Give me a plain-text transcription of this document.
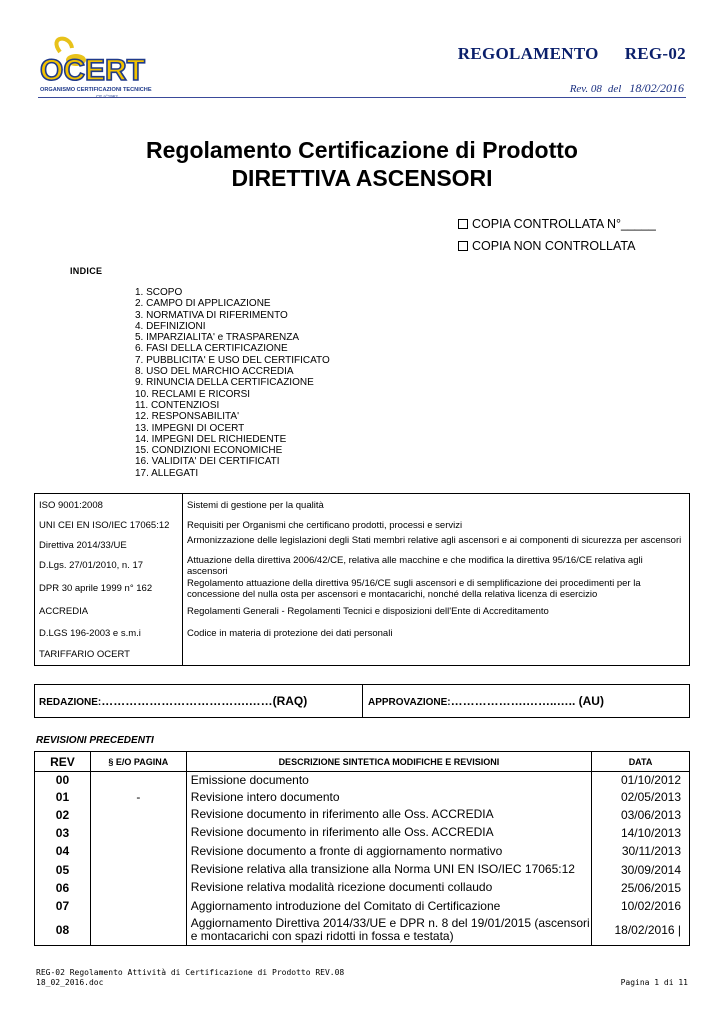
OCERT
ORGANISMO CERTIFICAZIONI TECNICHE
CE n°1962
REGOLAMENTO REG-02
Rev. 08 del 18/02/2016
Regolamento Certificazione di Prodotto
DIRETTIVA ASCENSORI
COPIA CONTROLLATA N°_____
COPIA NON CONTROLLATA
INDICE
1. SCOPO
2. CAMPO DI APPLICAZIONE
3. NORMATIVA DI RIFERIMENTO
4. DEFINIZIONI
5. IMPARZIALITA' e TRASPARENZA
6. FASI DELLA CERTIFICAZIONE
7. PUBBLICITA' E USO DEL CERTIFICATO
8. USO DEL MARCHIO ACCREDIA
9. RINUNCIA DELLA CERTIFICAZIONE
10. RECLAMI E RICORSI
11. CONTENZIOSI
12. RESPONSABILITA'
13. IMPEGNI DI OCERT
14. IMPEGNI DEL RICHIEDENTE
15. CONDIZIONI ECONOMICHE
16. VALIDITA' DEI CERTIFICATI
17. ALLEGATI
ISO 9001:2008	Sistemi di gestione per la qualità
UNI CEI EN ISO/IEC 17065:12	Requisiti per Organismi che certificano prodotti, processi e servizi
Direttiva 2014/33/UE	Armonizzazione delle legislazioni degli Stati membri relative agli ascensori e ai componenti di sicurezza per ascensori
D.Lgs. 27/01/2010, n. 17	Attuazione della direttiva 2006/42/CE, relativa alle macchine e che modifica la direttiva 95/16/CE relativa agli ascensori
DPR 30 aprile 1999 n° 162	Regolamento attuazione della direttiva 95/16/CE sugli ascensori e di semplificazione dei procedimenti per la concessione del nulla osta per ascensori e montacarichi, nonché della relativa licenza di esercizio
ACCREDIA	Regolamenti Generali - Regolamenti Tecnici e disposizioni dell'Ente di Accreditamento
D.LGS 196-2003 e s.m.i	Codice in materia di protezione dei dati personali
TARIFFARIO OCERT
REDAZIONE:……………………………….……(RAQ)	APPROVAZIONE:……………….……..….. (AU)
REVISIONI PRECEDENTI
REV	§ E/O PAGINA	DESCRIZIONE SINTETICA MODIFICHE E REVISIONI	DATA
00		Emissione documento	01/10/2012
01	-	Revisione intero documento	02/05/2013
02		Revisione documento in riferimento alle Oss. ACCREDIA	03/06/2013
03		Revisione documento in riferimento alle Oss. ACCREDIA	14/10/2013
04		Revisione documento a fronte di aggiornamento normativo	30/11/2013
05		Revisione relativa alla transizione alla Norma UNI EN ISO/IEC 17065:12	30/09/2014
06		Revisione relativa modalità ricezione documenti collaudo	25/06/2015
07		Aggiornamento introduzione del Comitato di Certificazione	10/02/2016
08		Aggiornamento Direttiva 2014/33/UE e DPR n. 8 del 19/01/2015 (ascensori e montacarichi con spazi ridotti in fossa e testata)	18/02/2016 |
REG-02 Regolamento Attività di Certificazione di Prodotto REV.08
18_02_2016.doc	Pagina 1 di 11
